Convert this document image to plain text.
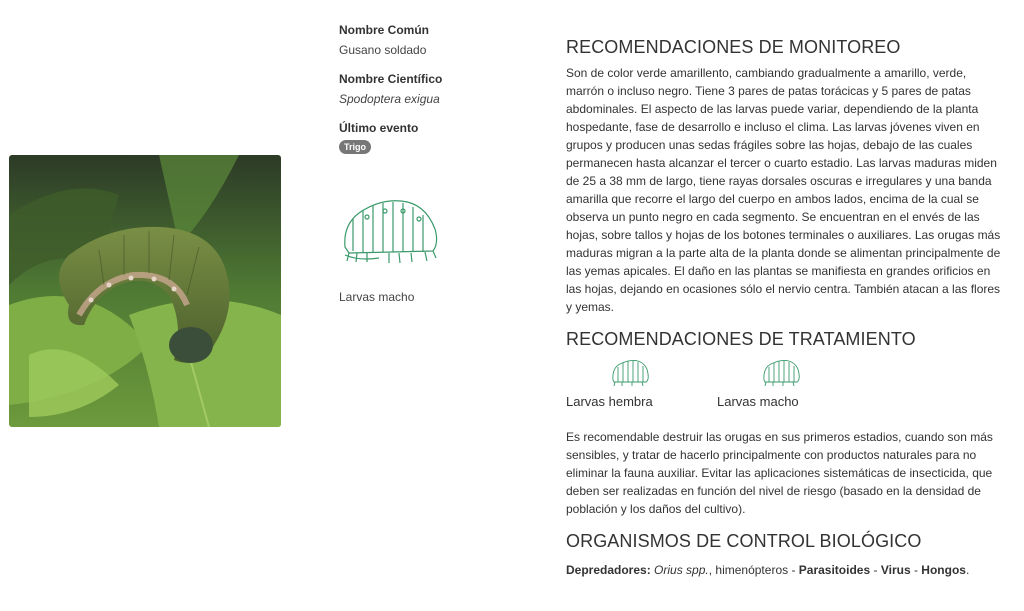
Nombre Común

Gusano soldado

Nombre Científico

Spodoptera exigua

Último evento

Trigo
Larvas macho
RECOMENDACIONES DE MONITOREO

Son de color verde amarillento, cambiando gradualmente a amarillo, verde, marrón o incluso negro. Tiene 3 pares de patas torácicas y 5 pares de patas abdominales. El aspecto de las larvas puede variar, dependiendo de la planta hospedante, fase de desarrollo e incluso el clima. Las larvas jóvenes viven en grupos y producen unas sedas frágiles sobre las hojas, debajo de las cuales permanecen hasta alcanzar el tercer o cuarto estadio. Las larvas maduras miden de 25 a 38 mm de largo, tiene rayas dorsales oscuras e irregulares y una banda amarilla que recorre el largo del cuerpo en ambos lados, encima de la cual se observa un punto negro en cada segmento. Se encuentran en el envés de las hojas, sobre tallos y hojas de los botones terminales o auxiliares. Las orugas más maduras migran a la parte alta de la planta donde se alimentan principalmente de las yemas apicales. El daño en las plantas se manifiesta en grandes orificios en las hojas, dejando en ocasiones sólo el nervio centra. También atacan a las flores y yemas.

RECOMENDACIONES DE TRATAMIENTO
Larvas hembra	Larvas macho

Es recomendable destruir las orugas en sus primeros estadios, cuando son más sensibles, y tratar de hacerlo principalmente con productos naturales para no eliminar la fauna auxiliar. Evitar las aplicaciones sistemáticas de insecticida, que deben ser realizadas en función del nivel de riesgo (basado en la densidad de población y los daños del cultivo).

ORGANISMOS DE CONTROL BIOLÓGICO
Depredadores: Orius spp., himenópteros - Parasitoides - Virus - Hongos.
